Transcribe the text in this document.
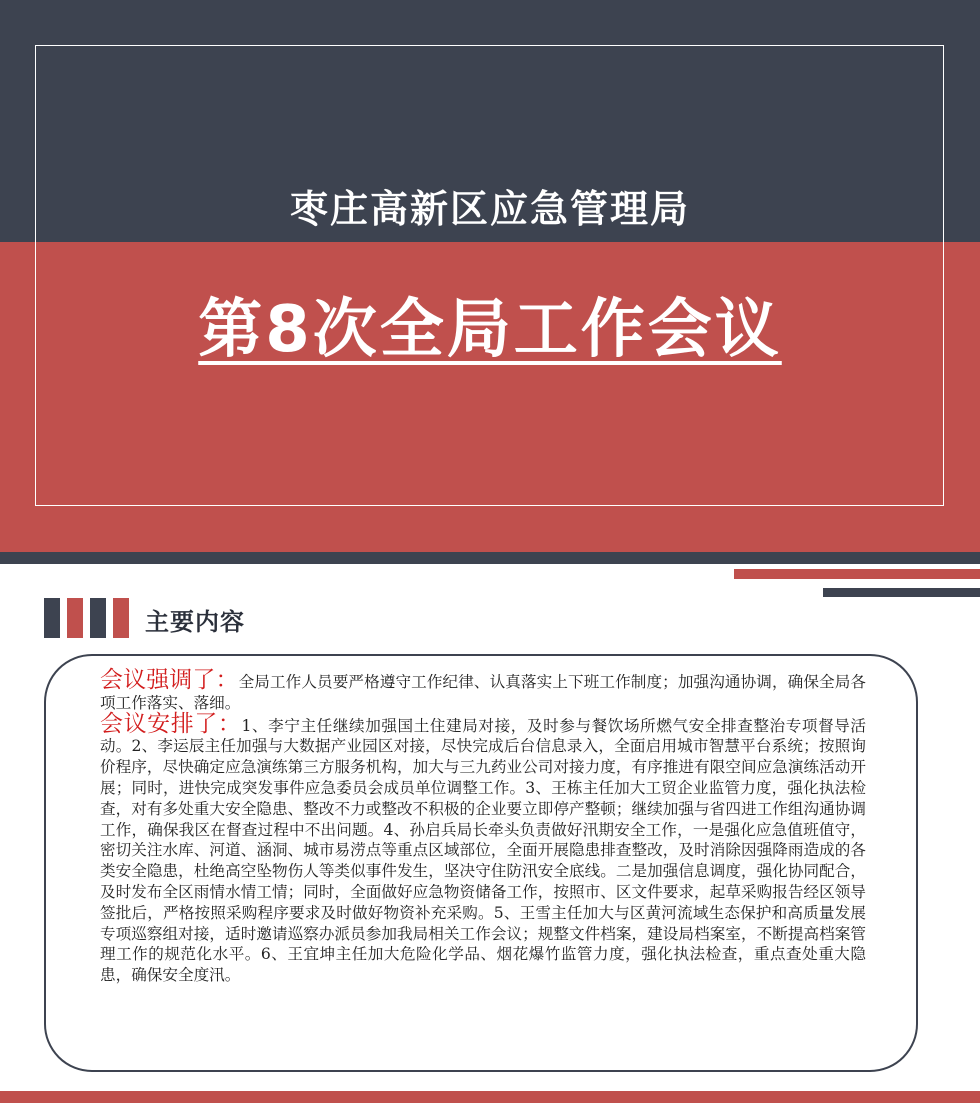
枣庄高新区应急管理局
第8次全局工作会议
主要内容

会议强调了：全局工作人员要严格遵守工作纪律、认真落实上下班工作制度；加强沟通协调，确保全局各项工作落实、落细。

会议安排了：1、李宁主任继续加强国土住建局对接，及时参与餐饮场所燃气安全排查整治专项督导活动。2、李运辰主任加强与大数据产业园区对接，尽快完成后台信息录入，全面启用城市智慧平台系统；按照询价程序，尽快确定应急演练第三方服务机构，加大与三九药业公司对接力度，有序推进有限空间应急演练活动开展；同时，进快完成突发事件应急委员会成员单位调整工作。3、王栋主任加大工贸企业监管力度，强化执法检查，对有多处重大安全隐患、整改不力或整改不积极的企业要立即停产整顿；继续加强与省四进工作组沟通协调工作，确保我区在督查过程中不出问题。4、孙启兵局长牵头负责做好汛期安全工作，一是强化应急值班值守，密切关注水库、河道、涵洞、城市易涝点等重点区域部位，全面开展隐患排查整改，及时消除因强降雨造成的各类安全隐患，杜绝高空坠物伤人等类似事件发生，坚决守住防汛安全底线。二是加强信息调度，强化协同配合，及时发布全区雨情水情工情；同时，全面做好应急物资储备工作，按照市、区文件要求，起草采购报告经区领导签批后，严格按照采购程序要求及时做好物资补充采购。5、王雪主任加大与区黄河流域生态保护和高质量发展专项巡察组对接，适时邀请巡察办派员参加我局相关工作会议；规整文件档案，建设局档案室，不断提高档案管理工作的规范化水平。6、王宜坤主任加大危险化学品、烟花爆竹监管力度，强化执法检查，重点查处重大隐患，确保安全度汛。
